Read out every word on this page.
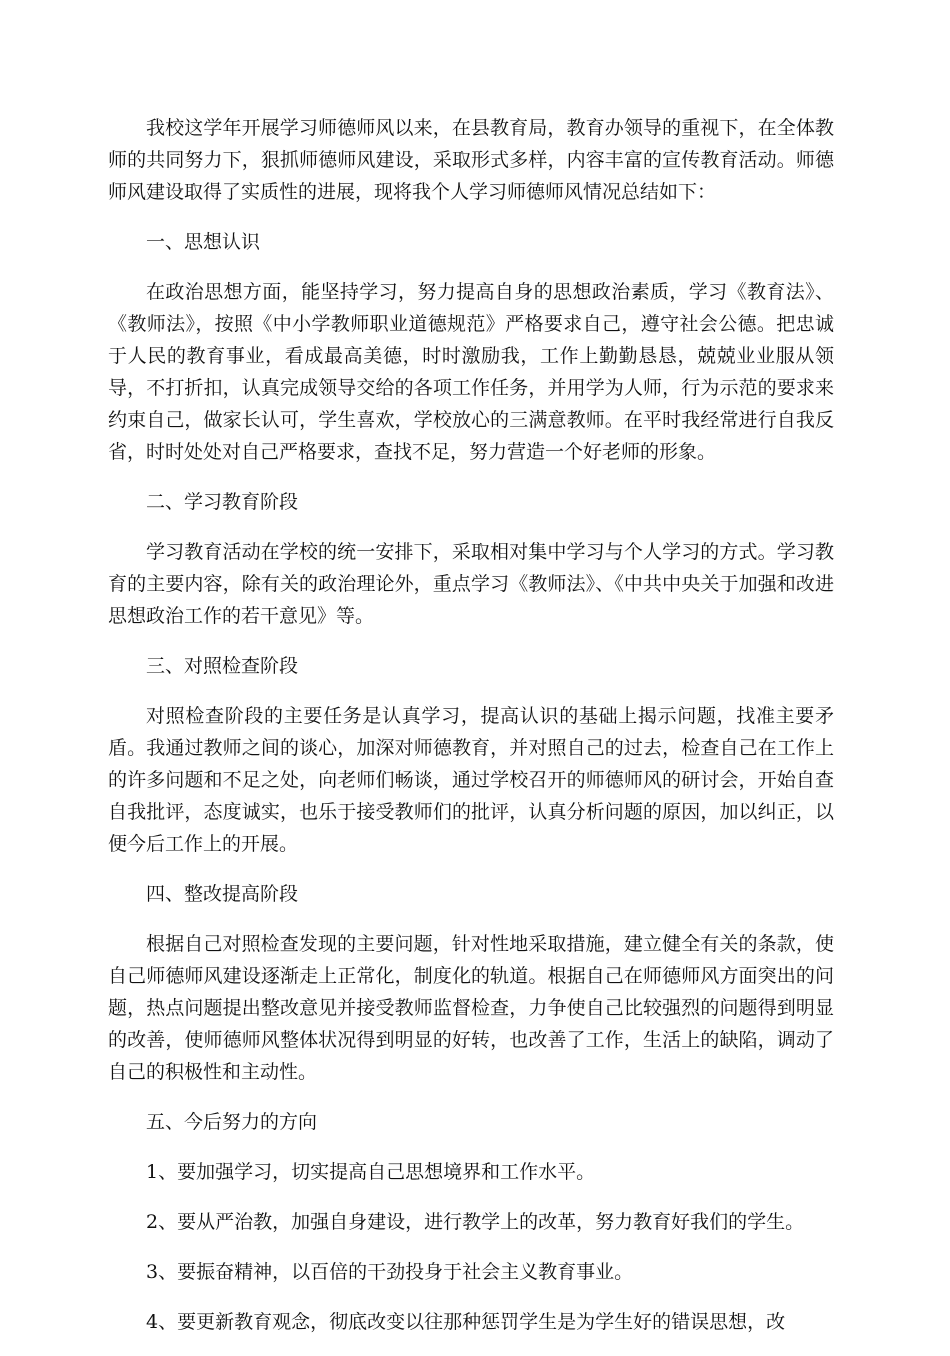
我校这学年开展学习师德师风以来，在县教育局，教育办领导的重视下，在全体教师的共同努力下，狠抓师德师风建设，采取形式多样，内容丰富的宣传教育活动。师德师风建设取得了实质性的进展，现将我个人学习师德师风情况总结如下：

一、思想认识

在政治思想方面，能坚持学习，努力提高自身的思想政治素质，学习《教育法》、《教师法》，按照《中小学教师职业道德规范》严格要求自己，遵守社会公德。把忠诚于人民的教育事业，看成最高美德，时时激励我，工作上勤勤恳恳，兢兢业业服从领导，不打折扣，认真完成领导交给的各项工作任务，并用学为人师，行为示范的要求来约束自己，做家长认可，学生喜欢，学校放心的三满意教师。在平时我经常进行自我反省，时时处处对自己严格要求，查找不足，努力营造一个好老师的形象。

二、学习教育阶段

学习教育活动在学校的统一安排下，采取相对集中学习与个人学习的方式。学习教育的主要内容，除有关的政治理论外，重点学习《教师法》、《中共中央关于加强和改进思想政治工作的若干意见》等。

三、对照检查阶段

对照检查阶段的主要任务是认真学习，提高认识的基础上揭示问题，找准主要矛盾。我通过教师之间的谈心，加深对师德教育，并对照自己的过去，检查自己在工作上的许多问题和不足之处，向老师们畅谈，通过学校召开的师德师风的研讨会，开始自查自我批评，态度诚实，也乐于接受教师们的批评，认真分析问题的原因，加以纠正，以便今后工作上的开展。

四、整改提高阶段

根据自己对照检查发现的主要问题，针对性地采取措施，建立健全有关的条款，使自己师德师风建设逐渐走上正常化，制度化的轨道。根据自己在师德师风方面突出的问题，热点问题提出整改意见并接受教师监督检查，力争使自己比较强烈的问题得到明显的改善，使师德师风整体状况得到明显的好转，也改善了工作，生活上的缺陷，调动了自己的积极性和主动性。

五、今后努力的方向

1、要加强学习，切实提高自己思想境界和工作水平。

2、要从严治教，加强自身建设，进行教学上的改革，努力教育好我们的学生。

3、要振奋精神，以百倍的干劲投身于社会主义教育事业。

4、要更新教育观念，彻底改变以往那种惩罚学生是为学生好的错误思想，改
